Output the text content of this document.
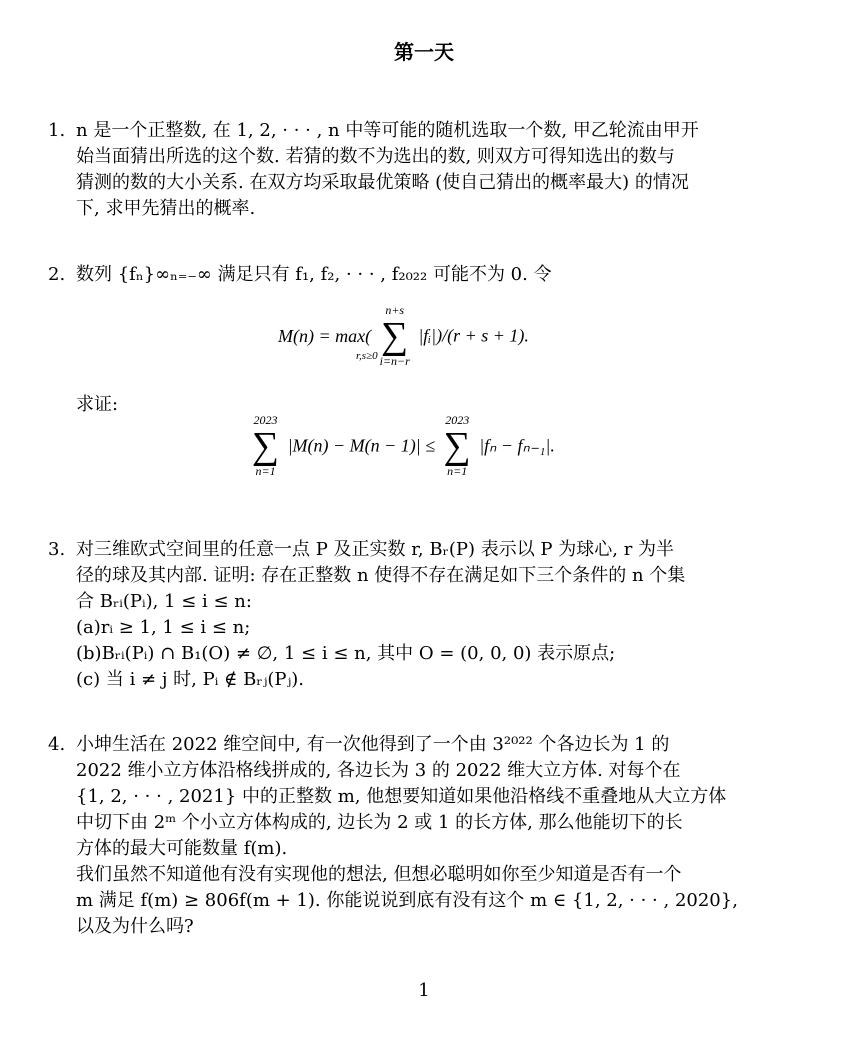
第一天
1. n 是一个正整数, 在 1, 2, · · · , n 中等可能的随机选取一个数, 甲乙轮流由甲开
始当面猜出所选的这个数. 若猜的数不为选出的数, 则双方可得知选出的数与
猜测的数的大小关系. 在双方均采取最优策略 (使自己猜出的概率最大) 的情况
下, 求甲先猜出的概率.
2. 数列 {fₙ}∞ₙ₌₋∞ 满足只有 f₁, f₂, · · · , f₂₀₂₂ 可能不为 0. 令
M(n) = max(
r,s≥0

n+s
∑
i=n−r
|fᵢ|)/(r + s + 1).
求证:
2023
∑
n=1
|M(n) − M(n − 1)| ≤
2023
∑
n=1
|fₙ − fₙ₋₁|.
3. 对三维欧式空间里的任意一点 P 及正实数 r, Bᵣ(P) 表示以 P 为球心, r 为半
径的球及其内部. 证明: 存在正整数 n 使得不存在满足如下三个条件的 n 个集
合 Bᵣᵢ(Pᵢ), 1 ≤ i ≤ n:
(a)rᵢ ≥ 1, 1 ≤ i ≤ n;
(b)Bᵣᵢ(Pᵢ) ∩ B₁(O) ≠ ∅, 1 ≤ i ≤ n, 其中 O = (0, 0, 0) 表示原点;
(c) 当 i ≠ j 时, Pᵢ ∉ Bᵣⱼ(Pⱼ).
4. 小坤生活在 2022 维空间中, 有一次他得到了一个由 3²⁰²² 个各边长为 1 的
2022 维小立方体沿格线拼成的, 各边长为 3 的 2022 维大立方体. 对每个在
{1, 2, · · · , 2021} 中的正整数 m, 他想要知道如果他沿格线不重叠地从大立方体
中切下由 2ᵐ 个小立方体构成的, 边长为 2 或 1 的长方体, 那么他能切下的长
方体的最大可能数量 f(m).
我们虽然不知道他有没有实现他的想法, 但想必聪明如你至少知道是否有一个
m 满足 f(m) ≥ 806f(m + 1). 你能说说到底有没有这个 m ∈ {1, 2, · · · , 2020},
以及为什么吗?
1
